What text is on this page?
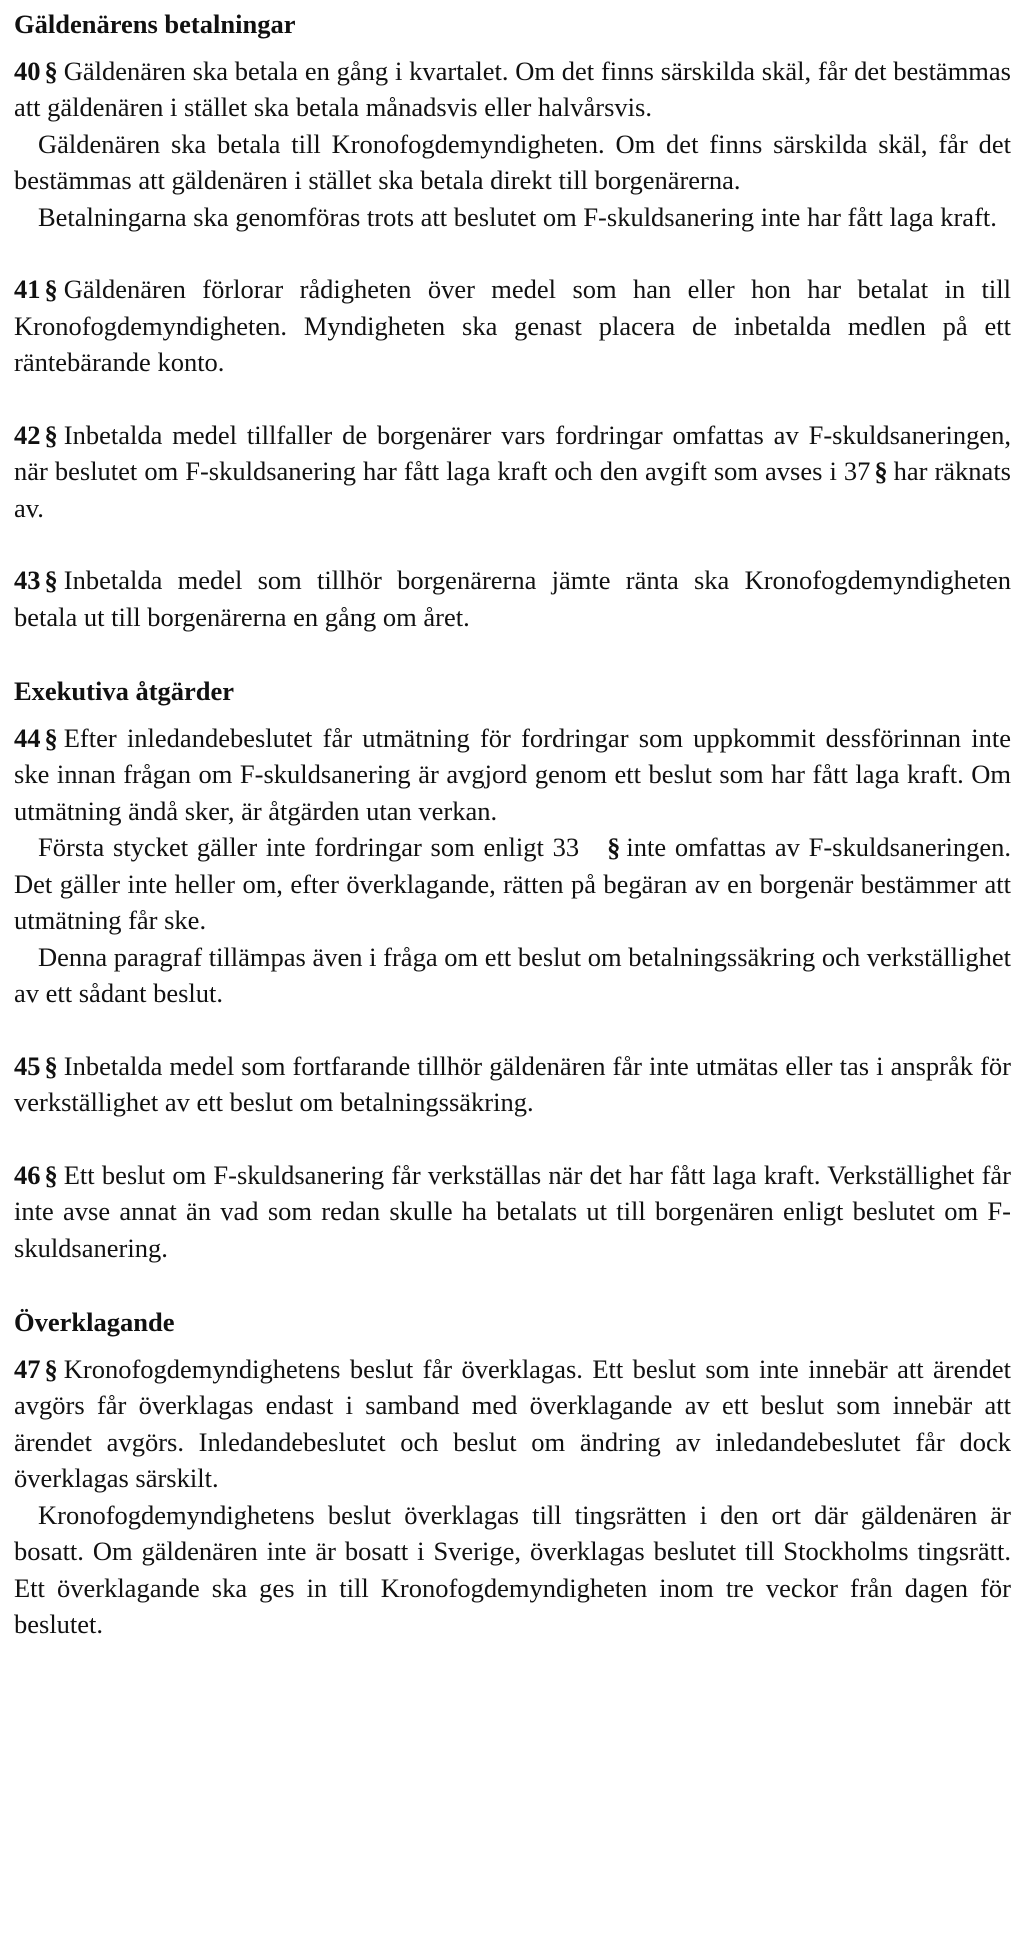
Gäldenärens betalningar

40 § Gäldenären ska betala en gång i kvartalet. Om det finns särskilda skäl, får det bestämmas att gäldenären i stället ska betala månadsvis eller halvårsvis.

Gäldenären ska betala till Kronofogdemyndigheten. Om det finns särskilda skäl, får det bestämmas att gäldenären i stället ska betala direkt till borgenärerna.

Betalningarna ska genomföras trots att beslutet om F-skuldsanering inte har fått laga kraft.

41 § Gäldenären förlorar rådigheten över medel som han eller hon har betalat in till Kronofogdemyndigheten. Myndigheten ska genast placera de inbetalda medlen på ett räntebärande konto.

42 § Inbetalda medel tillfaller de borgenärer vars fordringar omfattas av F-skuldsaneringen, när beslutet om F-skuldsanering har fått laga kraft och den avgift som avses i 37 § har räknats av.

43 § Inbetalda medel som tillhör borgenärerna jämte ränta ska Kronofogdemyndigheten betala ut till borgenärerna en gång om året.

Exekutiva åtgärder

44 § Efter inledandebeslutet får utmätning för fordringar som uppkommit dessförinnan inte ske innan frågan om F-skuldsanering är avgjord genom ett beslut som har fått laga kraft. Om utmätning ändå sker, är åtgärden utan verkan.

Första stycket gäller inte fordringar som enligt 33 § inte omfattas av F-skuldsaneringen. Det gäller inte heller om, efter överklagande, rätten på begäran av en borgenär bestämmer att utmätning får ske.

Denna paragraf tillämpas även i fråga om ett beslut om betalningssäkring och verkställighet av ett sådant beslut.

45 § Inbetalda medel som fortfarande tillhör gäldenären får inte utmätas eller tas i anspråk för verkställighet av ett beslut om betalningssäkring.

46 § Ett beslut om F-skuldsanering får verkställas när det har fått laga kraft. Verkställighet får inte avse annat än vad som redan skulle ha betalats ut till borgenären enligt beslutet om F-skuldsanering.

Överklagande

47 § Kronofogdemyndighetens beslut får överklagas. Ett beslut som inte innebär att ärendet avgörs får överklagas endast i samband med överklagande av ett beslut som innebär att ärendet avgörs. Inledandebeslutet och beslut om ändring av inledandebeslutet får dock överklagas särskilt.

Kronofogdemyndighetens beslut överklagas till tingsrätten i den ort där gäldenären är bosatt. Om gäldenären inte är bosatt i Sverige, överklagas beslutet till Stockholms tingsrätt. Ett överklagande ska ges in till Kronofogdemyndigheten inom tre veckor från dagen för beslutet.
